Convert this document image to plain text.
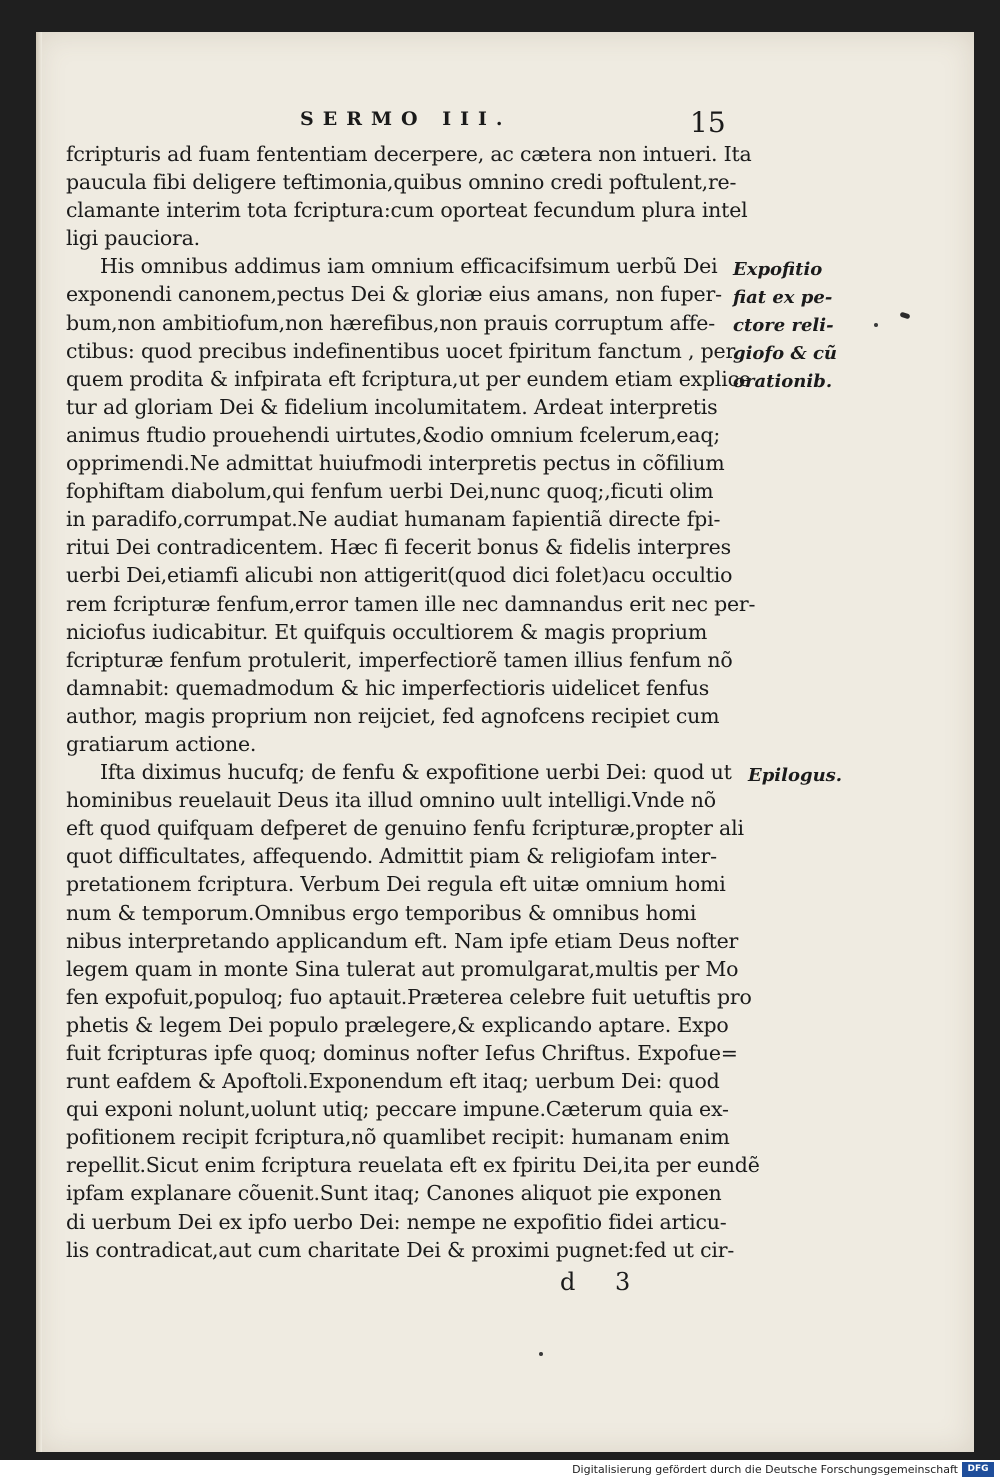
SERMO III.	15
fcripturis ad fuam fententiam decerpere, ac cætera non intueri. Ita
paucula fibi deligere teftimonia,quibus omnino credi poftulent,re-
clamante interim tota fcriptura:cum oporteat fecundum plura intel
ligi pauciora.
His omnibus addimus iam omnium efficacifsimum uerbũ Dei
exponendi canonem,pectus Dei & gloriæ eius amans, non fuper-
bum,non ambitiofum,non hærefibus,non prauis corruptum affe-
ctibus: quod precibus indefinentibus uocet fpiritum fanctum , per
quem prodita & infpirata eft fcriptura,ut per eundem etiam explice
tur ad gloriam Dei & fidelium incolumitatem. Ardeat interpretis
animus ftudio prouehendi uirtutes,&odio omnium fcelerum,eaq;
opprimendi.Ne admittat huiufmodi interpretis pectus in cõfilium
fophiftam diabolum,qui fenfum uerbi Dei,nunc quoq;,ficuti olim
in paradifo,corrumpat.Ne audiat humanam fapientiã directe fpi-
ritui Dei contradicentem. Hæc fi fecerit bonus & fidelis interpres
uerbi Dei,etiamfi alicubi non attigerit(quod dici folet)acu occultio
rem fcripturæ fenfum,error tamen ille nec damnandus erit nec per-
niciofus iudicabitur. Et quifquis occultiorem & magis proprium
fcripturæ fenfum protulerit, imperfectiorẽ tamen illius fenfum nõ
damnabit: quemadmodum & hic imperfectioris uidelicet fenfus
author, magis proprium non reijciet, fed agnofcens recipiet cum
gratiarum actione.
Ifta diximus hucufq; de fenfu & expofitione uerbi Dei: quod ut
hominibus reuelauit Deus ita illud omnino uult intelligi.Vnde nõ
eft quod quifquam defperet de genuino fenfu fcripturæ,propter ali
quot difficultates, affequendo. Admittit piam & religiofam inter-
pretationem fcriptura. Verbum Dei regula eft uitæ omnium homi
num & temporum.Omnibus ergo temporibus & omnibus homi
nibus interpretando applicandum eft. Nam ipfe etiam Deus nofter
legem quam in monte Sina tulerat aut promulgarat,multis per Mo
fen expofuit,populoq; fuo aptauit.Præterea celebre fuit uetuftis pro
phetis & legem Dei populo prælegere,& explicando aptare. Expo
fuit fcripturas ipfe quoq; dominus nofter Iefus Chriftus. Expofue=
runt eafdem & Apoftoli.Exponendum eft itaq; uerbum Dei: quod
qui exponi nolunt,uolunt utiq; peccare impune.Cæterum quia ex-
pofitionem recipit fcriptura,nõ quamlibet recipit: humanam enim
repellit.Sicut enim fcriptura reuelata eft ex fpiritu Dei,ita per eundẽ
ipfam explanare cõuenit.Sunt itaq; Canones aliquot pie exponen
di uerbum Dei ex ipfo uerbo Dei: nempe ne expofitio fidei articu-
lis contradicat,aut cum charitate Dei & proximi pugnet:fed ut cir-
Expofitio
fiat ex pe-
ctore reli-
giofo & cũ
orationib.
Epilogus.
d 3
Digitalisierung gefördert durch die Deutsche Forschungsgemeinschaft	DFG
